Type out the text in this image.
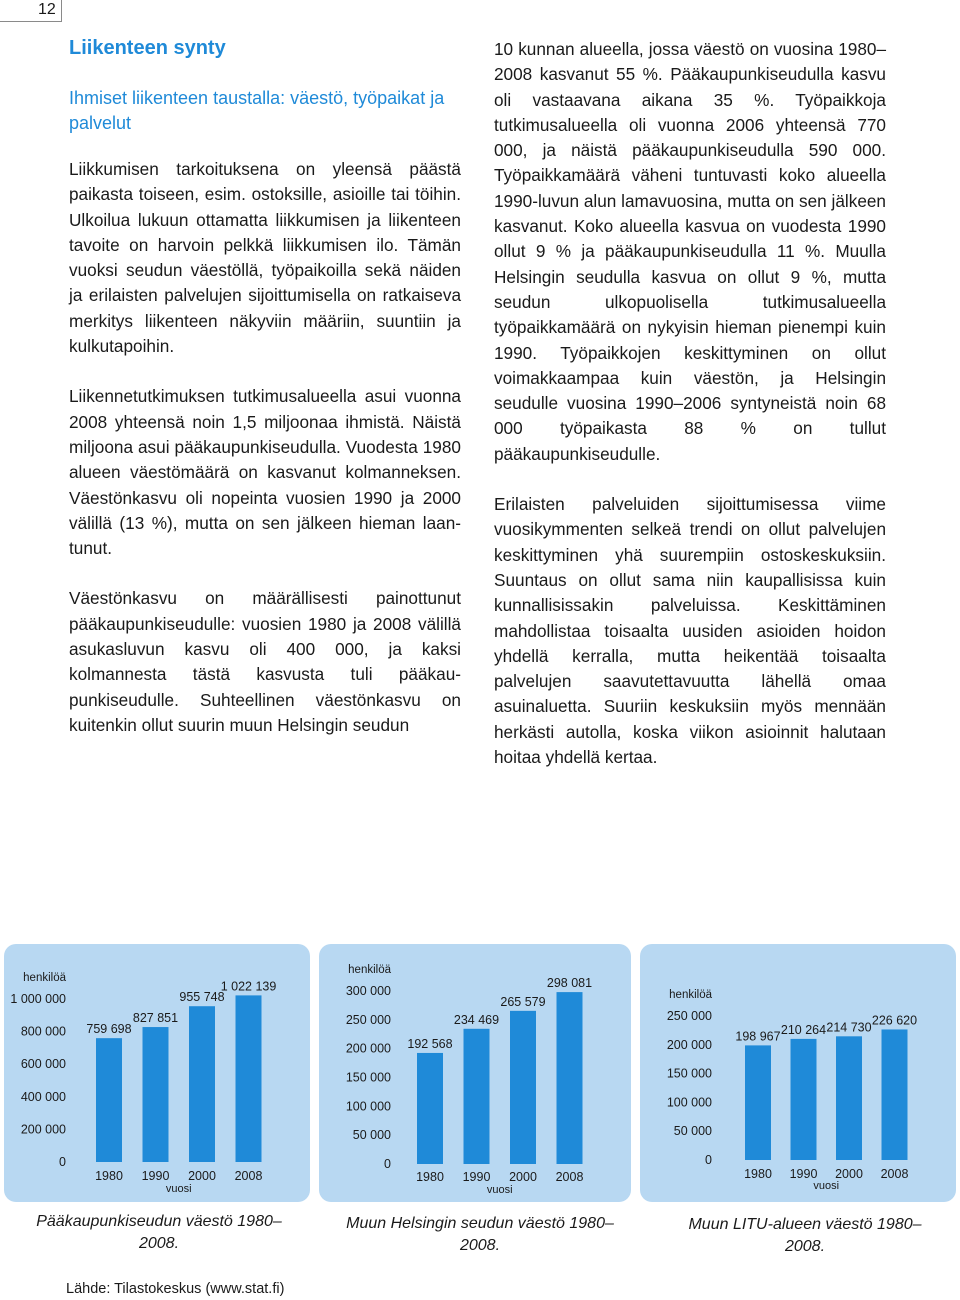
12
Liikenteen synty
Ihmiset liikenteen taustalla: väestö, työpaikat ja palvelut

Liikkumisen tarkoituksena on yleensä päästä paikasta toiseen, esim. ostoksille, asioille tai töihin. Ulkoilua lukuun ottamatta liikkumisen ja liikenteen tavoite on harvoin pelkkä liikkumisen ilo. Tämän vuoksi seudun väestöllä, työpaikoilla sekä näiden ja erilaisten palvelujen sijoittumisella on ratkaiseva merkitys liikenteen näkyviin määriin, suuntiin ja kulkutapoihin.

Liikennetutkimuksen tutkimusalueella asui vuonna 2008 yhteensä noin 1,5 miljoonaa ihmistä. Näistä miljoona asui pääkaupunkiseudulla. Vuodesta 1980 alueen väestömäärä on kasvanut kolmanneksen. Väestönkasvu oli nopeinta vuosien 1990 ja 2000 välillä (13 %), mutta on sen jälkeen hieman laantunut.

Väestönkasvu on määrällisesti painottunut pääkaupunkiseudulle: vuosien 1980 ja 2008 välillä asukasluvun kasvu oli 400 000, ja kaksi kolmannesta tästä kasvusta tuli pääkaupunkiseudulle. Suhteellinen väestönkasvu on kuitenkin ollut suurin muun Helsingin seudun

10 kunnan alueella, jossa väestö on vuosina 1980–2008 kasvanut 55 %. Pääkaupunkiseudulla kasvu oli vastaavana aikana 35 %. Työpaikkoja tutkimusalueella oli vuonna 2006 yhteensä 770 000, ja näistä pääkaupunkiseudulla 590 000. Työpaikkamäärä väheni tuntuvasti koko alueella 1990-luvun alun lamavuosina, mutta on sen jälkeen kasvanut. Koko alueella kasvua on vuodesta 1990 ollut 9 % ja pääkaupunkiseudulla 11 %. Muulla Helsingin seudulla kasvua on ollut 9 %, mutta seudun ulkopuolisella tutkimusalueella työpaikkamäärä on nykyisin hieman pienempi kuin 1990. Työpaikkojen keskittyminen on ollut voimakkaampaa kuin väestön, ja Helsingin seudulle vuosina 1990–2006 syntyneistä noin 68 000 työpaikasta 88 % on tullut pääkaupunkiseudulle.

Erilaisten palveluiden sijoittumisessa viime vuosikymmenten selkeä trendi on ollut palvelujen keskittyminen yhä suurempiin ostoskeskuksiin. Suuntaus on ollut sama niin kaupallisissa kuin kunnallisissakin palveluissa. Keskittäminen mahdollistaa toisaalta uusiden asioiden hoidon yhdellä kerralla, mutta heikentää toisaalta palvelujen saavutettavuutta lähellä omaa asuinaluetta. Suuriin keskuksiin myös mennään herkästi autolla, koska viikon asioinnit halutaan hoitaa yhdellä kertaa.

henkilöä
0
200 000
400 000
600 000
800 000
1 000 000
759 698
1980
827 851
1990
955 748
2000
1 022 139
2008
vuosi
henkilöä
0
50 000
100 000
150 000
200 000
250 000
300 000
192 568
1980
234 469
1990
265 579
2000
298 081
2008
vuosi
henkilöä
0
50 000
100 000
150 000
200 000
250 000
198 967
1980
210 264
1990
214 730
2000
226 620
2008
vuosi
Pääkaupunkiseudun väestö 1980–2008.
Muun Helsingin seudun väestö 1980–2008.
Muun LITU-alueen väestö 1980–2008.
Lähde: Tilastokeskus (www.stat.fi)
